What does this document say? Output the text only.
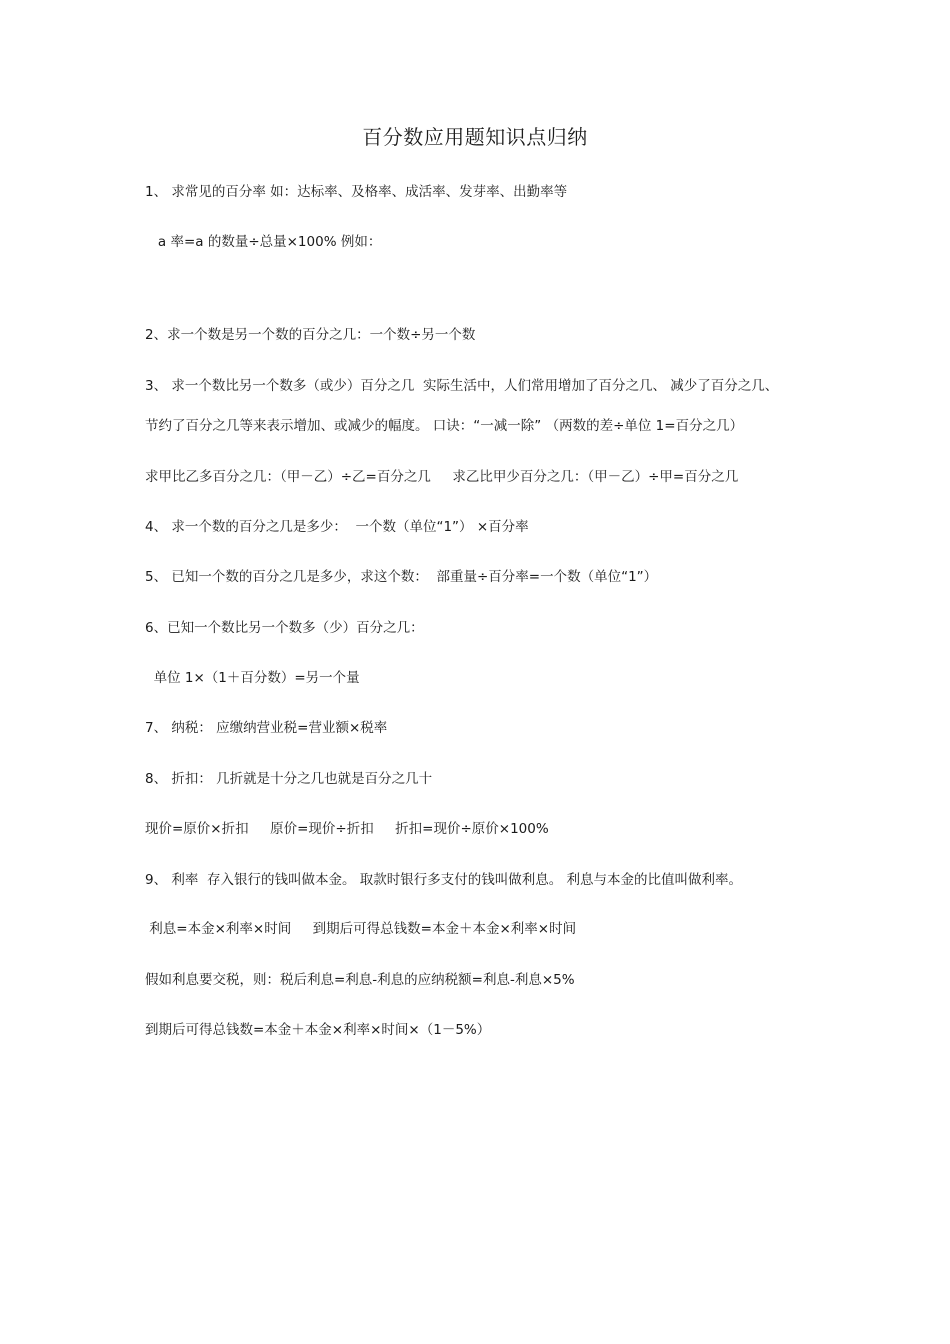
百分数应用题知识点归纳
1、 求常见的百分率 如：达标率、及格率、成活率、发芽率、出勤率等
a 率=a 的数量÷总量×100% 例如：
2、求一个数是另一个数的百分之几：一个数÷另一个数
3、 求一个数比另一个数多（或少）百分之几  实际生活中，人们常用增加了百分之几、 减少了百分之几、
节约了百分之几等来表示增加、或减少的幅度。 口诀：“一减一除” （两数的差÷单位 1=百分之几）
求甲比乙多百分之几：（甲－乙）÷乙=百分之几     求乙比甲少百分之几：（甲－乙）÷甲=百分之几
4、 求一个数的百分之几是多少：  一个数（单位“1”） ×百分率
5、 已知一个数的百分之几是多少，求这个数：  部重量÷百分率=一个数（单位“1”）
6、已知一个数比另一个数多（少）百分之几：
单位 1×（1＋百分数）=另一个量
7、 纳税： 应缴纳营业税=营业额×税率
8、 折扣： 几折就是十分之几也就是百分之几十
现价=原价×折扣     原价=现价÷折扣     折扣=现价÷原价×100%
9、 利率  存入银行的钱叫做本金。 取款时银行多支付的钱叫做利息。 利息与本金的比值叫做利率。
利息=本金×利率×时间     到期后可得总钱数=本金＋本金×利率×时间
假如利息要交税，则：税后利息=利息-利息的应纳税额=利息-利息×5%
到期后可得总钱数=本金＋本金×利率×时间×（1－5%）
